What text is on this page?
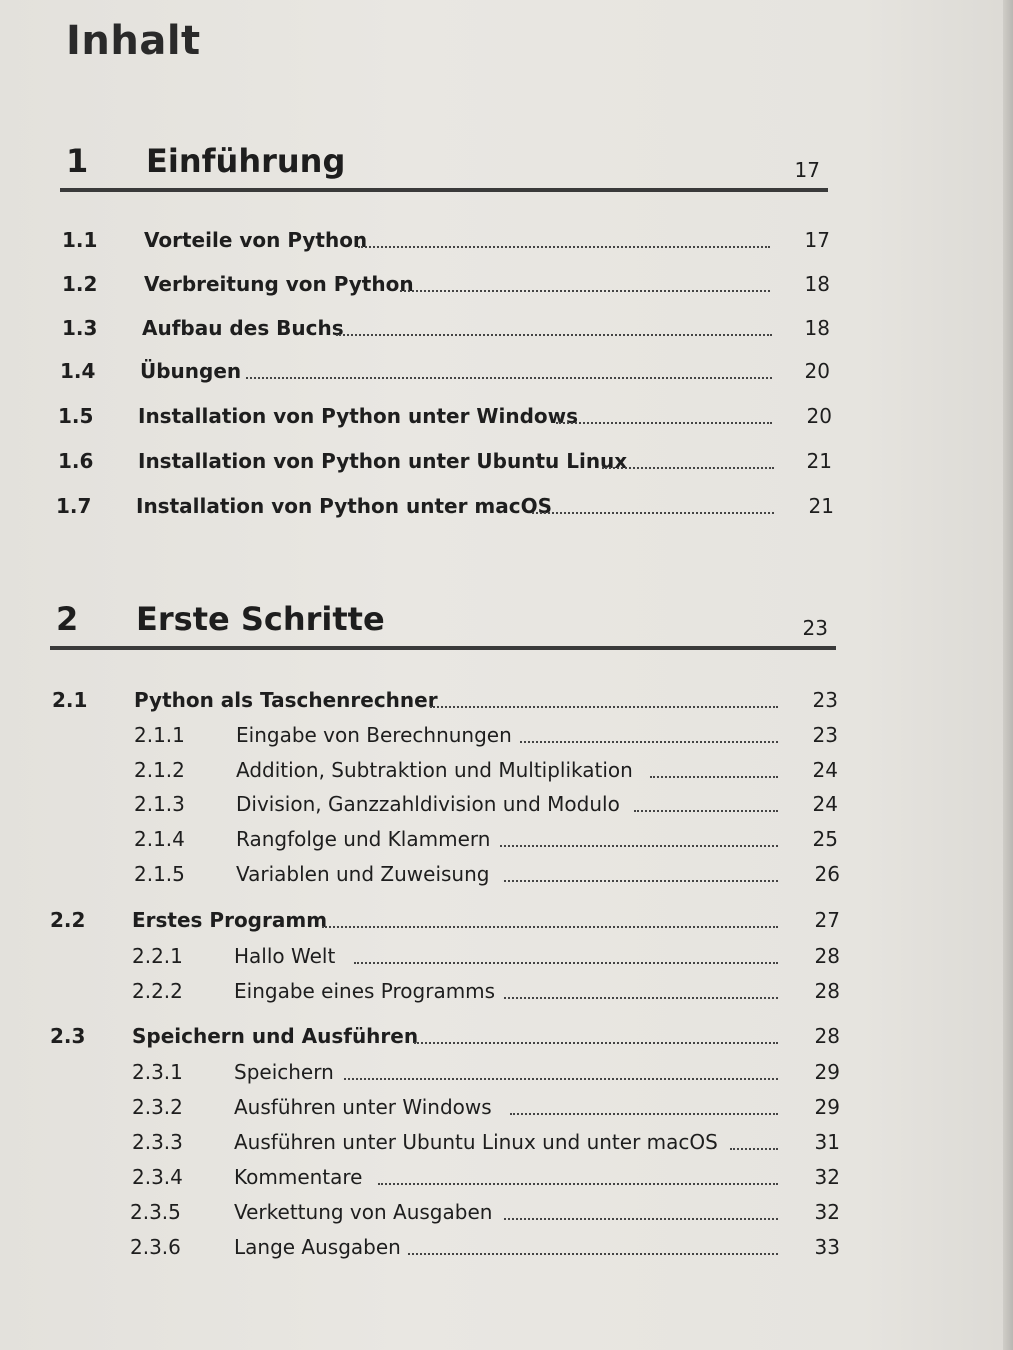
Inhalt
1 Einführung	17
1.1 Vorteile von Python	17
1.2 Verbreitung von Python	18
1.3 Aufbau des Buchs	18
1.4 Übungen	20
1.5 Installation von Python unter Windows	20
1.6 Installation von Python unter Ubuntu Linux	21
1.7 Installation von Python unter macOS	21
2 Erste Schritte	23
2.1 Python als Taschenrechner	23
2.1.1	Eingabe von Berechnungen	23
2.1.2	Addition, Subtraktion und Multiplikation	24
2.1.3	Division, Ganzzahldivision und Modulo	24
2.1.4	Rangfolge und Klammern	25
2.1.5	Variablen und Zuweisung	26
2.2 Erstes Programm	27
2.2.1	Hallo Welt	28
2.2.2	Eingabe eines Programms	28
2.3 Speichern und Ausführen	28
2.3.1	Speichern	29
2.3.2	Ausführen unter Windows	29
2.3.3	Ausführen unter Ubuntu Linux und unter macOS	31
2.3.4	Kommentare	32
2.3.5	Verkettung von Ausgaben	32
2.3.6	Lange Ausgaben	33
